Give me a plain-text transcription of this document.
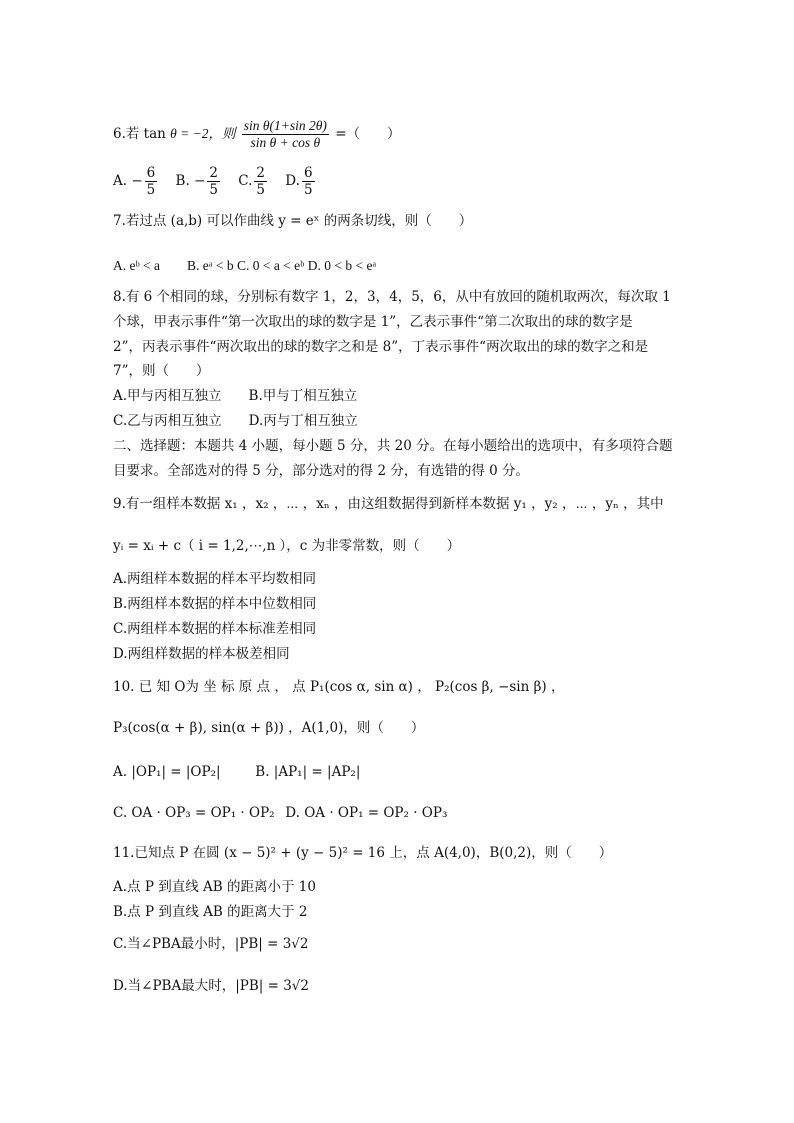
6.若 tan θ = −2，则 $\frac{\text{sin θ(1+sin 2θ)}}{\text{sin θ + cos θ}}$ =（　　）
A. − $\frac{6}{5} B$. − $\frac{2}{5} C$. $\frac{2}{5} D$. $\frac{6}{5}$
7.若过点 (a,b) 可以作曲线 y = eˣ 的两条切线，则（　　）
A. eᵇ < a　　B. eᵃ < b C. 0 < a < eᵇ D. 0 < b < eᵃ
8.有 6 个相同的球，分别标有数字 1，2，3，4，5，6，从中有放回的随机取两次，每次取 1
个球，甲表示事件“第一次取出的球的数字是 1”，乙表示事件“第二次取出的球的数字是
2”，丙表示事件“两次取出的球的数字之和是 8”，丁表示事件“两次取出的球的数字之和是
7”，则（　　）
A.甲与丙相互独立　　B.甲与丁相互独立
C.乙与丙相互独立　　D.丙与丁相互独立
二、选择题：本题共 4 小题，每小题 5 分，共 20 分。在每小题给出的选项中，有多项符合题
目要求。全部选对的得 5 分，部分选对的得 2 分，有选错的得 0 分。
9.有一组样本数据 x₁ ，x₂ ，⋯ ，xₙ ，由这组数据得到新样本数据 y₁ ，y₂ ，⋯ ，yₙ ，其中
yᵢ = xᵢ + c（ i = 1,2,⋯,n ），c 为非零常数，则（　　）
A.两组样本数据的样本平均数相同
B.两组样本数据的样本中位数相同
C.两组样本数据的样本标准差相同
D.两组样数据的样本极差相同
10. 已 知 O为 坐 标 原 点 ， 点 P₁(cos α, sin α) ， P₂(cos β, −sin β) ，
P₃(cos(α + β), sin(α + β)) ，A(1,0)，则（　　）
A. |OP₁| = |OP₂|	B. |AP₁| = |AP₂|
C. OA · OP₃ = OP₁ · OP₂ D. OA · OP₁ = OP₂ · OP₃
11.已知点 P 在圆 (x − 5)² + (y − 5)² = 16 上，点 A(4,0)，B(0,2)，则（　　）
A.点 P 到直线 AB 的距离小于 10
B.点 P 到直线 AB 的距离大于 2
C.当∠PBA最小时，|PB| = 3√2
D.当∠PBA最大时，|PB| = 3√2
